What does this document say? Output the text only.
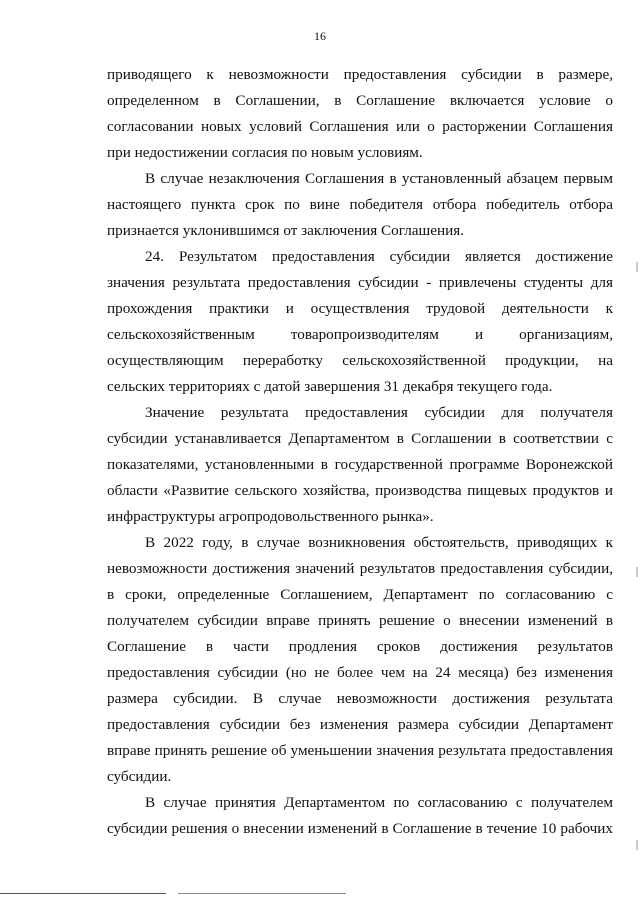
16
приводящего к невозможности предоставления субсидии в размере,
определенном в Соглашении, в Соглашение включается условие о
согласовании новых условий Соглашения или о расторжении Соглашения
при недостижении согласия по новым условиям.
В случае незаключения Соглашения в установленный абзацем первым
настоящего пункта срок по вине победителя отбора победитель отбора
признается уклонившимся от заключения Соглашения.
24. Результатом предоставления субсидии является достижение
значения результата предоставления субсидии - привлечены студенты для
прохождения практики и осуществления трудовой деятельности к
сельскохозяйственным товаропроизводителям и организациям,
осуществляющим переработку сельскохозяйственной продукции, на
сельских территориях с датой завершения 31 декабря текущего года.
Значение результата предоставления субсидии для получателя
субсидии устанавливается Департаментом в Соглашении в соответствии с
показателями, установленными в государственной программе Воронежской
области «Развитие сельского хозяйства, производства пищевых продуктов и
инфраструктуры агропродовольственного рынка».
В 2022 году, в случае возникновения обстоятельств, приводящих к
невозможности достижения значений результатов предоставления субсидии,
в сроки, определенные Соглашением, Департамент по согласованию с
получателем субсидии вправе принять решение о внесении изменений в
Соглашение в части продления сроков достижения результатов
предоставления субсидии (но не более чем на 24 месяца) без изменения
размера субсидии. В случае невозможности достижения результата
предоставления субсидии без изменения размера субсидии Департамент
вправе принять решение об уменьшении значения результата предоставления
субсидии.
В случае принятия Департаментом по согласованию с получателем
субсидии решения о внесении изменений в Соглашение в течение 10 рабочих
